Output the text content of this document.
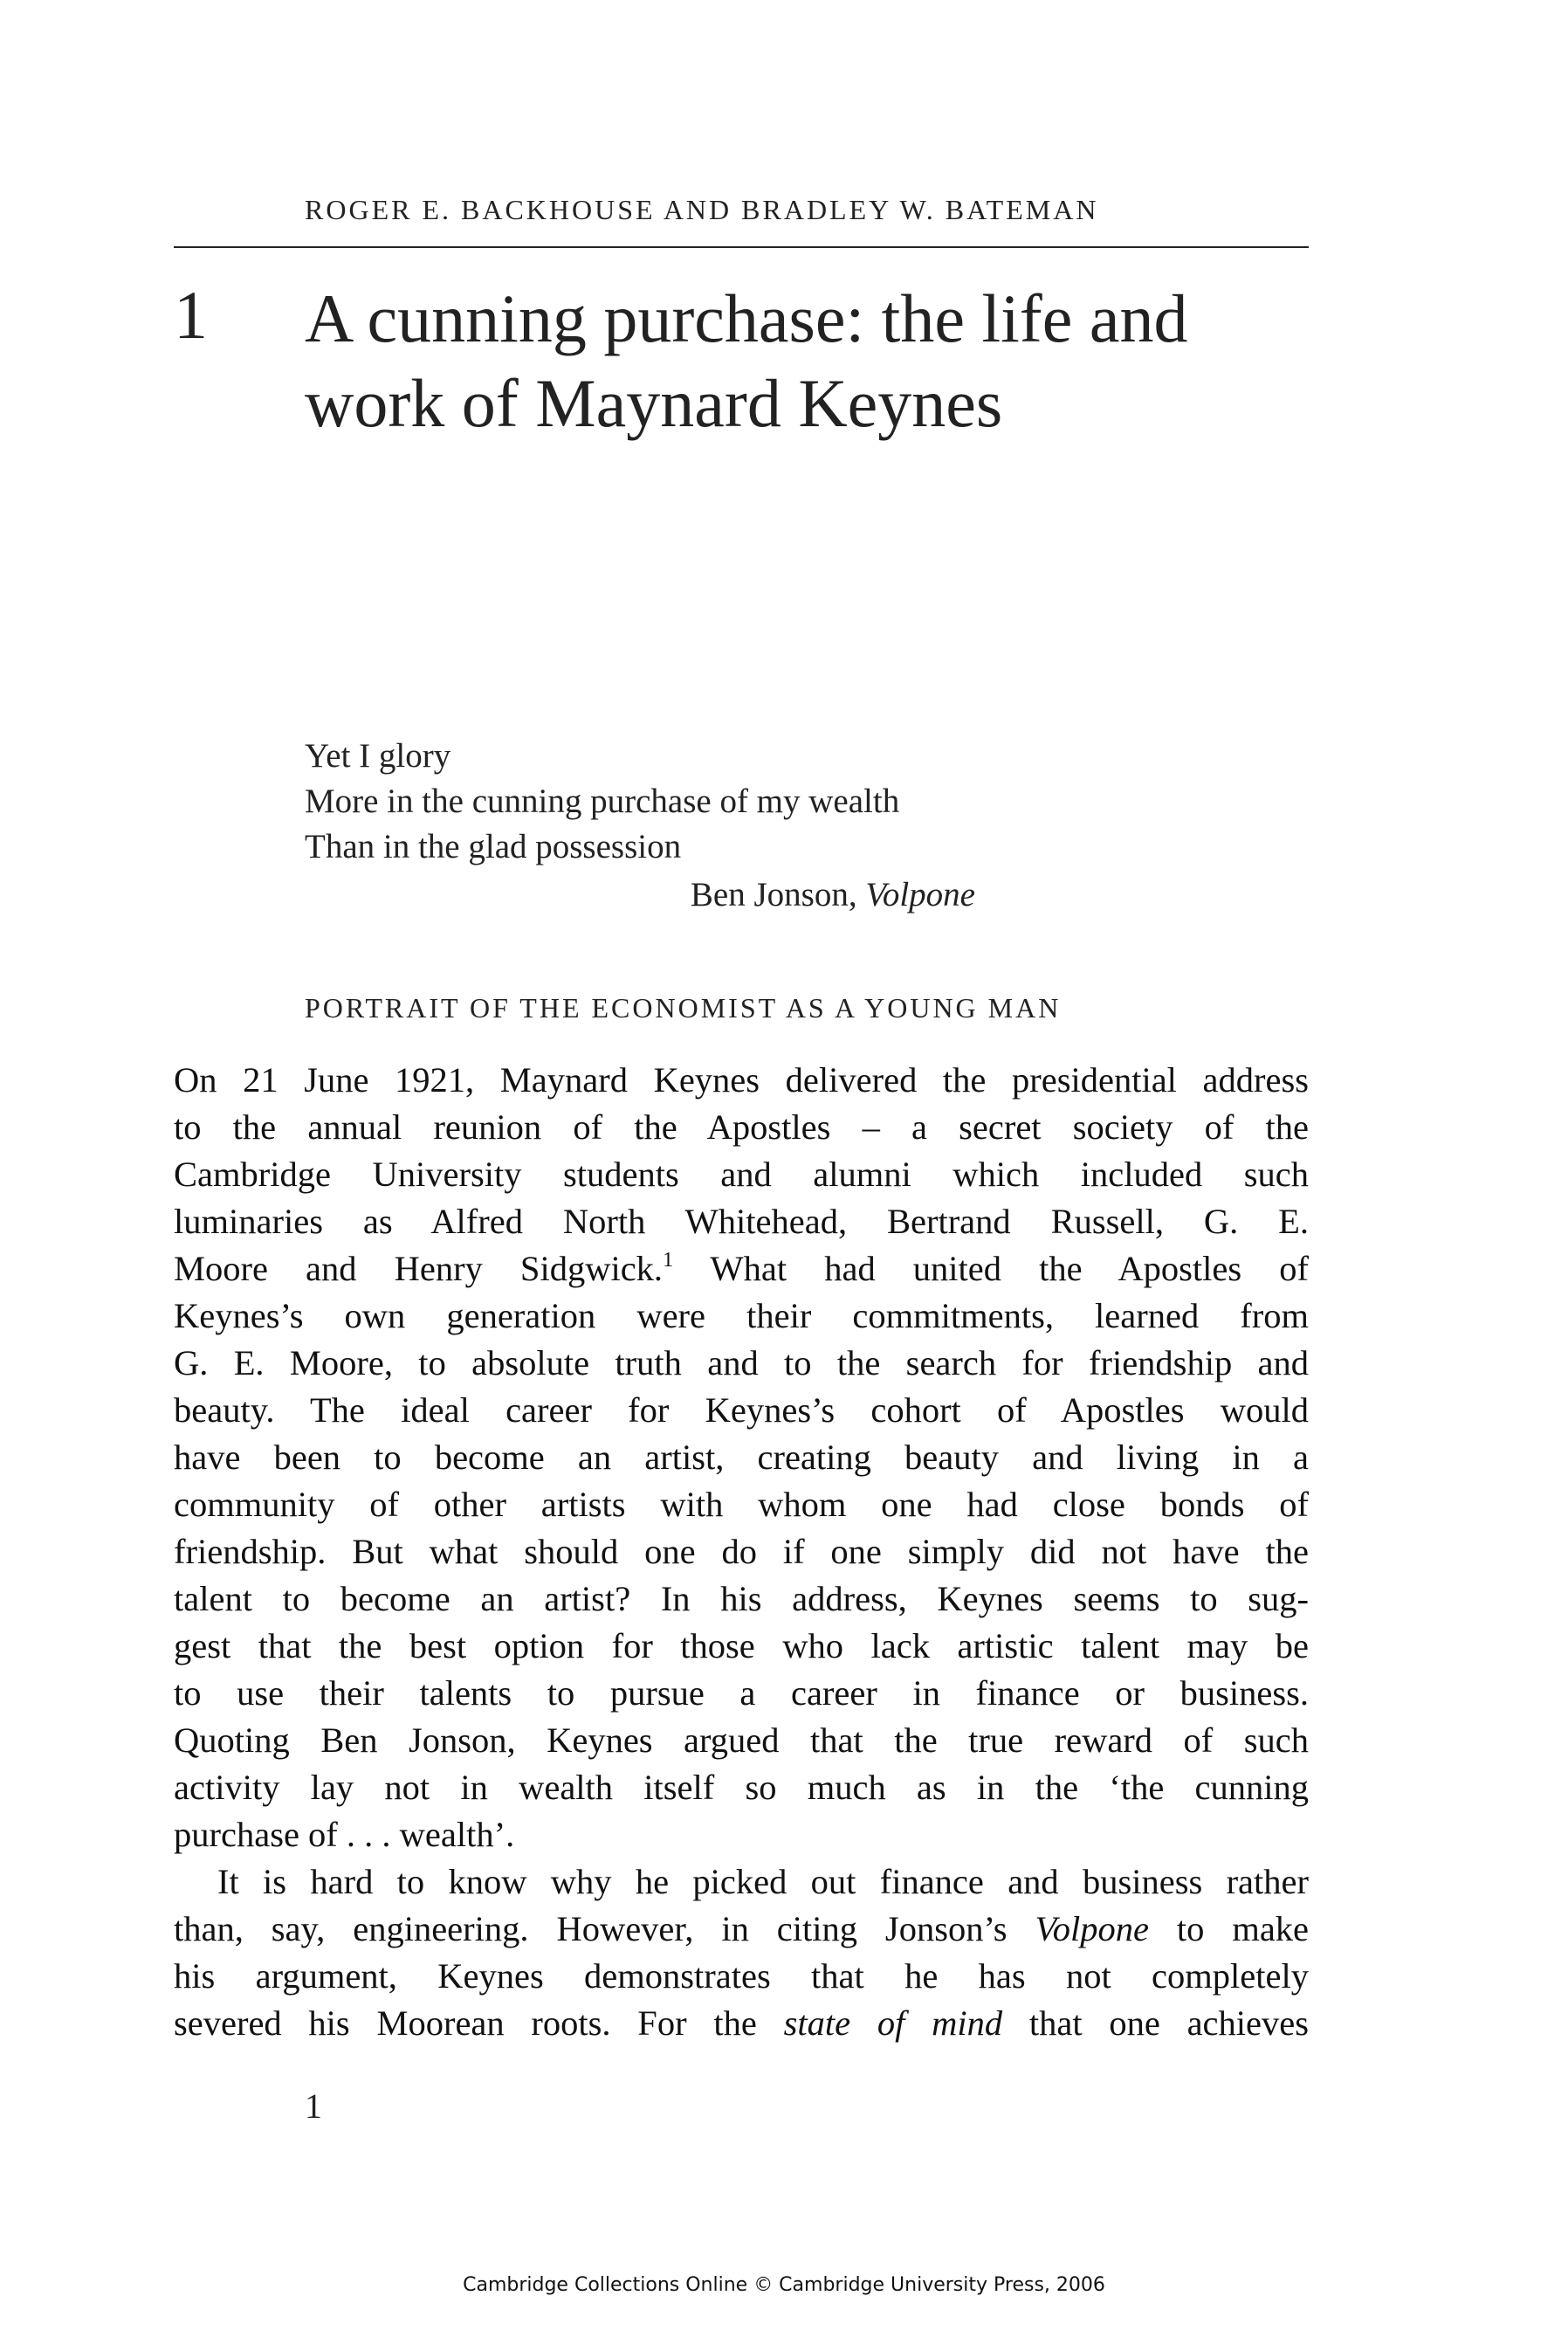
ROGER E. BACKHOUSE AND BRADLEY W. BATEMAN
1 A cunning purchase: the life and
work of Maynard Keynes
Yet I glory
More in the cunning purchase of my wealth
Than in the glad possession
Ben Jonson, Volpone
PORTRAIT OF THE ECONOMIST AS A YOUNG MAN
On 21 June 1921, Maynard Keynes delivered the presidential address
to the annual reunion of the Apostles – a secret society of the
Cambridge University students and alumni which included such
luminaries as Alfred North Whitehead, Bertrand Russell, G. E.
Moore and Henry Sidgwick.$^1$ What had united the Apostles of
Keynes’s own generation were their commitments, learned from
G. E. Moore, to absolute truth and to the search for friendship and
beauty. The ideal career for Keynes’s cohort of Apostles would
have been to become an artist, creating beauty and living in a
community of other artists with whom one had close bonds of
friendship. But what should one do if one simply did not have the
talent to become an artist? In his address, Keynes seems to sug-
gest that the best option for those who lack artistic talent may be
to use their talents to pursue a career in finance or business.
Quoting Ben Jonson, Keynes argued that the true reward of such
activity lay not in wealth itself so much as in the ‘the cunning
purchase of . . . wealth’.
It is hard to know why he picked out finance and business rather
than, say, engineering. However, in citing Jonson’s Volpone to make
his argument, Keynes demonstrates that he has not completely
severed his Moorean roots. For the state of mind that one achieves
1
Cambridge Collections Online © Cambridge University Press, 2006
